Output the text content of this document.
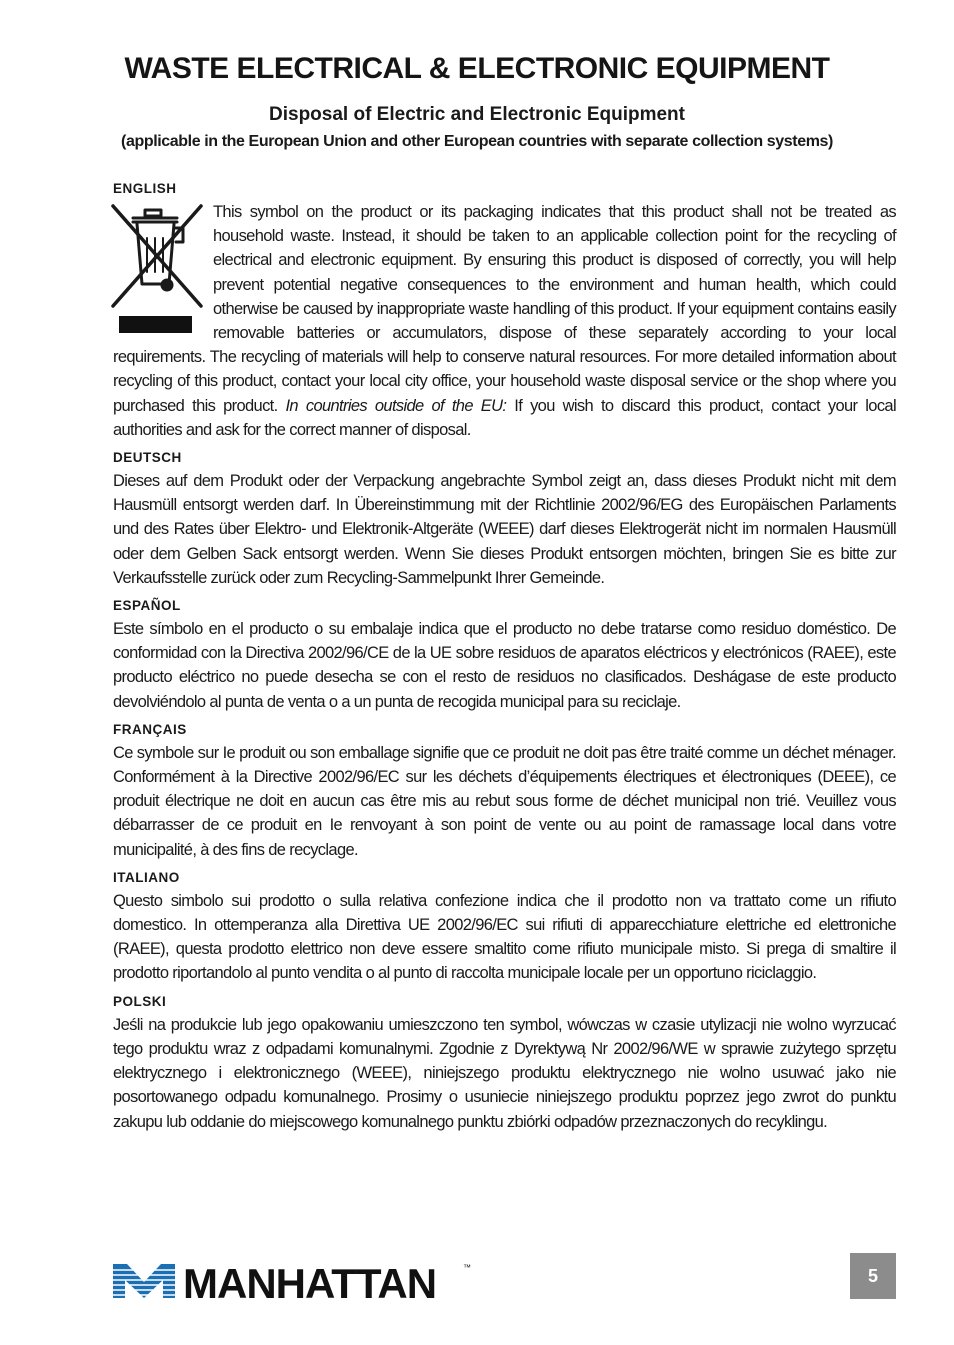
WASTE ELECTRICAL & ELECTRONIC EQUIPMENT
Disposal of Electric and Electronic Equipment

(applicable in the European Union and other European countries with separate collection systems)

ENGLISH

This symbol on the product or its packaging indicates that this product shall not be treated as household waste. Instead, it should be taken to an applicable collection point for the recycling of electrical and electronic equipment. By ensuring this product is disposed of correctly, you will help prevent potential negative consequences to the environment and human health, which could otherwise be caused by inappropriate waste handling of this product. If your equipment contains easily removable batteries or accumulators, dispose of these separately according to your local requirements. The recycling of materials will help to conserve natural resources. For more detailed information about recycling of this product, contact your local city office, your household waste disposal service or the shop where you purchased this product. In countries outside of the EU: If you wish to discard this product, contact your local authorities and ask for the correct manner of disposal.

DEUTSCH

Dieses auf dem Produkt oder der Verpackung angebrachte Symbol zeigt an, dass dieses Produkt nicht mit dem Hausmüll entsorgt werden darf. In Übereinstimmung mit der Richtlinie 2002/96/EG des Europäischen Parlaments und des Rates über Elektro- und Elektronik-Altgeräte (WEEE) darf dieses Elektrogerät nicht im normalen Hausmüll oder dem Gelben Sack entsorgt werden. Wenn Sie dieses Produkt entsorgen möchten, bringen Sie es bitte zur Verkaufsstelle zurück oder zum Recycling-Sammelpunkt Ihrer Gemeinde.

ESPAÑOL

Este símbolo en el producto o su embalaje indica que el producto no debe tratarse como residuo doméstico. De conformidad con la Directiva 2002/96/CE de la UE sobre residuos de aparatos eléctricos y electrónicos (RAEE), este producto eléctrico no puede desecha se con el resto de residuos no clasificados. Deshágase de este producto devolviéndolo al punta de venta o a un punta de recogida municipal para su reciclaje.

FRANÇAIS

Ce symbole sur Ie produit ou son emballage signifie que ce produit ne doit pas être traité comme un déchet ménager. Conformément à la Directive 2002/96/EC sur les déchets d’équipements électriques et électroniques (DEEE), ce produit électrique ne doit en aucun cas être mis au rebut sous forme de déchet municipal non trié. Veuillez vous débarrasser de ce produit en Ie renvoyant à son point de vente ou au point de ramassage local dans votre municipalité, à des fins de recyclage.

ITALIANO

Questo simbolo sui prodotto o sulla relativa confezione indica che il prodotto non va trattato come un rifiuto domestico. In ottemperanza alla Direttiva UE 2002/96/EC sui rifiuti di apparecchiature elettriche ed elettroniche (RAEE), questa prodotto elettrico non deve essere smaltito come rifiuto municipale misto. Si prega di smaltire il prodotto riportandolo al punto vendita o al punto di raccolta municipale locale per un opportuno riciclaggio.

POLSKI

Jeśli na produkcie lub jego opakowaniu umieszczono ten symbol, wówczas w czasie utylizacji nie wolno wyrzucać tego produktu wraz z odpadami komunalnymi. Zgodnie z Dyrektywą Nr 2002/96/WE w sprawie zużytego sprzętu elektrycznego i elektronicznego (WEEE), niniejszego produktu elektrycznego nie wolno usuwać jako nie posortowanego odpadu komunalnego. Prosimy o usuniecie niniejszego produktu poprzez jego zwrot do punktu zakupu lub oddanie do miejscowego komunalnego punktu zbiórki odpadów przeznaczonych do recyklingu.

MANHATTAN	™	5
